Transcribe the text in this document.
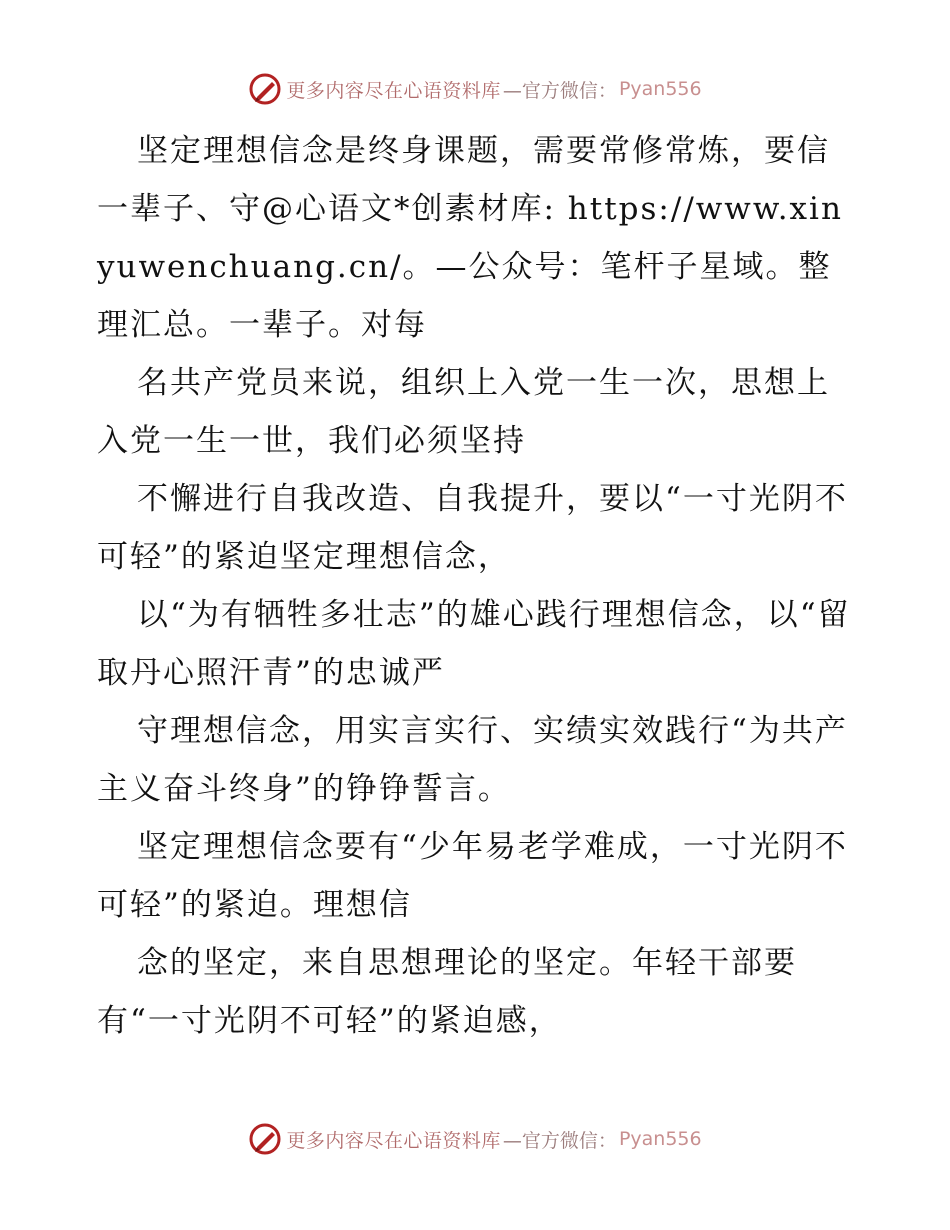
更多内容尽在心语资料库 —官方微信： Pyan556

坚定理想信念是终身课题，需要常修常炼，要信一辈子、守@心语文*创素材库: https://www.xinyuwenchuang.cn/。—公众号：笔杆子星域。整理汇总。一辈子。对每

名共产党员来说，组织上入党一生一次，思想上入党一生一世，我们必须坚持

不懈进行自我改造、自我提升，要以“一寸光阴不可轻”的紧迫坚定理想信念，

以“为有牺牲多壮志”的雄心践行理想信念，以“留取丹心照汗青”的忠诚严

守理想信念，用实言实行、实绩实效践行“为共产主义奋斗终身”的铮铮誓言。

坚定理想信念要有“少年易老学难成，一寸光阴不可轻”的紧迫。理想信

念的坚定，来自思想理论的坚定。年轻干部要有“一寸光阴不可轻”的紧迫感，

更多内容尽在心语资料库 —官方微信： Pyan556
